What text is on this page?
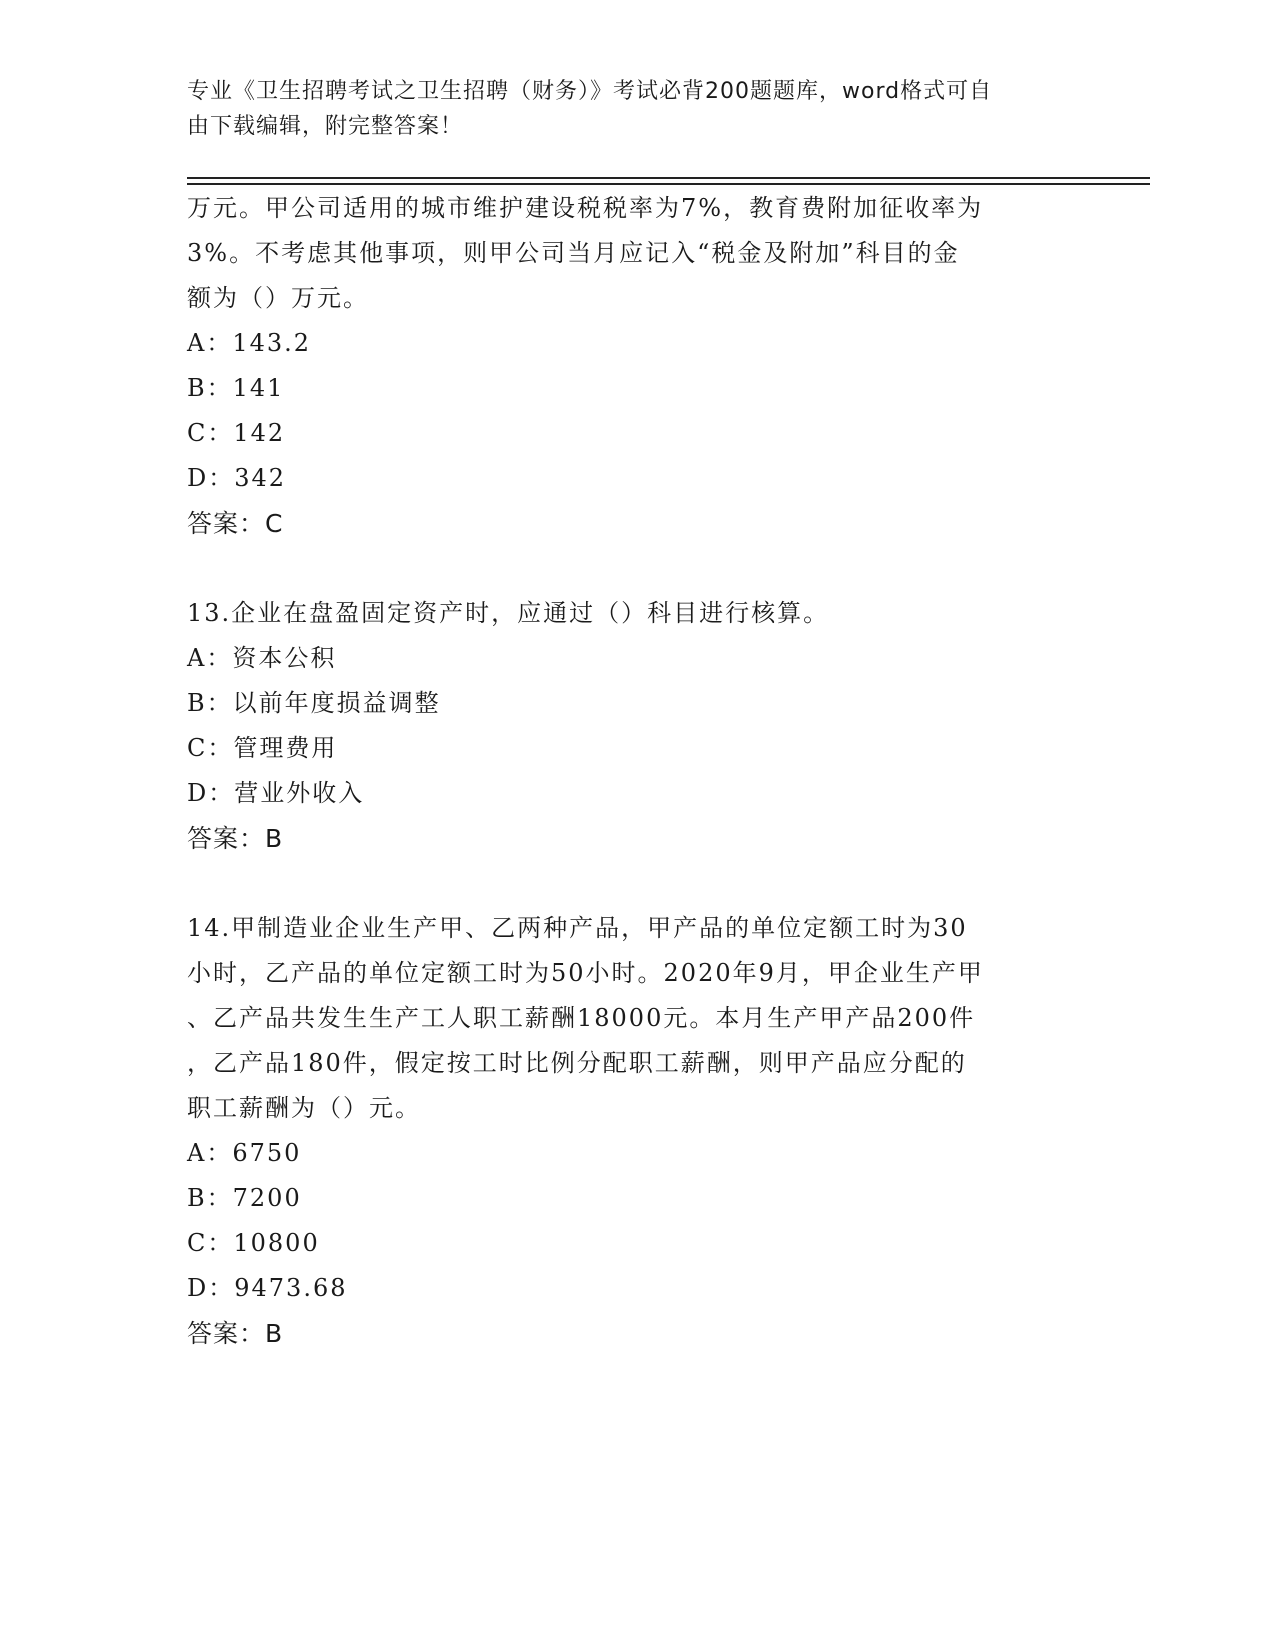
专业《卫生招聘考试之卫生招聘（财务）》考试必背200题题库，word格式可自
由下载编辑，附完整答案！

万元。甲公司适用的城市维护建设税税率为7%，教育费附加征收率为

3%。不考虑其他事项，则甲公司当月应记入“税金及附加”科目的金

额为（）万元。

A：143.2

B：141

C：142

D：342

答案：C

13.企业在盘盈固定资产时，应通过（）科目进行核算。

A：资本公积

B：以前年度损益调整

C：管理费用

D：营业外收入

答案：B

14.甲制造业企业生产甲、乙两种产品，甲产品的单位定额工时为30

小时，乙产品的单位定额工时为50小时。2020年9月，甲企业生产甲

、乙产品共发生生产工人职工薪酬18000元。本月生产甲产品200件

，乙产品180件，假定按工时比例分配职工薪酬，则甲产品应分配的

职工薪酬为（）元。

A：6750

B：7200

C：10800

D：9473.68

答案：B
